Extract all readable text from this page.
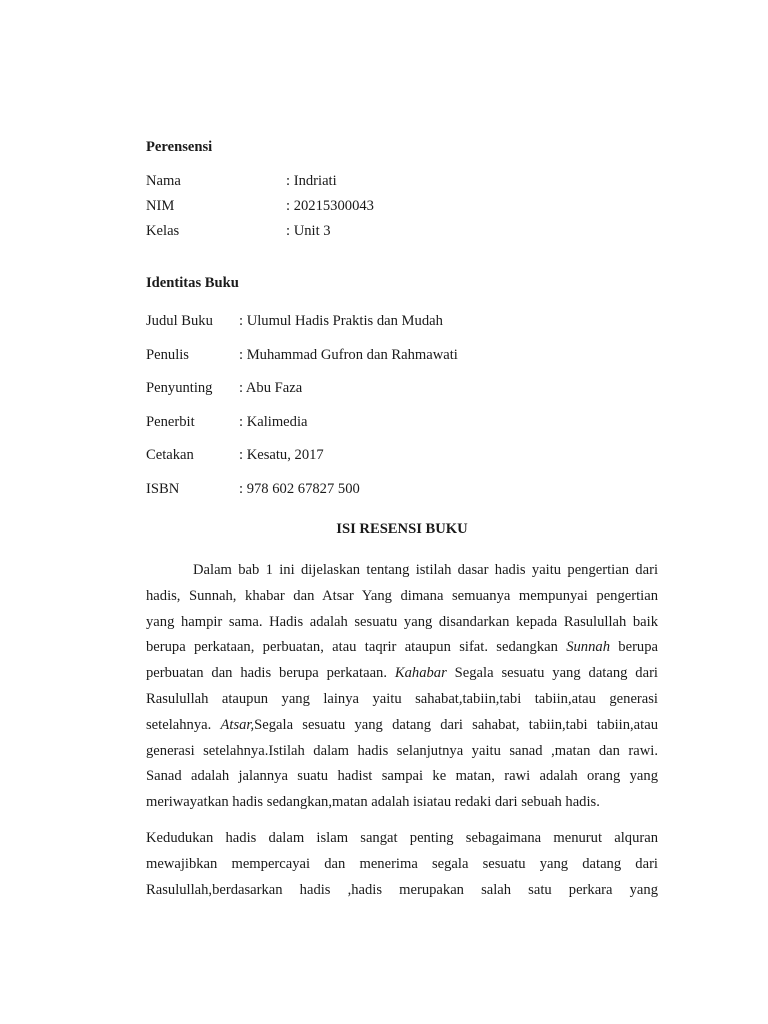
Perensensi
Nama	: Indriati
NIM	: 20215300043
Kelas	: Unit 3
Identitas Buku
Judul Buku : Ulumul Hadis Praktis dan Mudah
Penulis	: Muhammad Gufron dan Rahmawati
Penyunting : Abu Faza
Penerbit	: Kalimedia
Cetakan	: Kesatu, 2017
ISBN	: 978 602 67827 500
ISI RESENSI BUKU
Dalam bab 1 ini dijelaskan tentang istilah dasar hadis yaitu pengertian dari
hadis, Sunnah, khabar dan Atsar Yang dimana semuanya mempunyai pengertian
yang hampir sama. Hadis adalah sesuatu yang disandarkan kepada Rasulullah baik
berupa perkataan, perbuatan, atau taqrir ataupun sifat. sedangkan Sunnah berupa
perbuatan dan hadis berupa perkataan. Kahabar Segala sesuatu yang datang dari
Rasulullah ataupun yang lainya yaitu sahabat,tabiin,tabi tabiin,atau generasi
setelahnya. Atsar,Segala sesuatu yang datang dari sahabat, tabiin,tabi tabiin,atau
generasi setelahnya.Istilah dalam hadis selanjutnya yaitu sanad ,matan dan rawi.
Sanad adalah jalannya suatu hadist sampai ke matan, rawi adalah orang yang
meriwayatkan hadis sedangkan,matan adalah isiatau redaki dari sebuah hadis.
Kedudukan hadis dalam islam sangat penting sebagaimana menurut alquran
mewajibkan mempercayai dan menerima segala sesuatu yang datang dari
Rasulullah,berdasarkan hadis ,hadis merupakan salah satu perkara yang
